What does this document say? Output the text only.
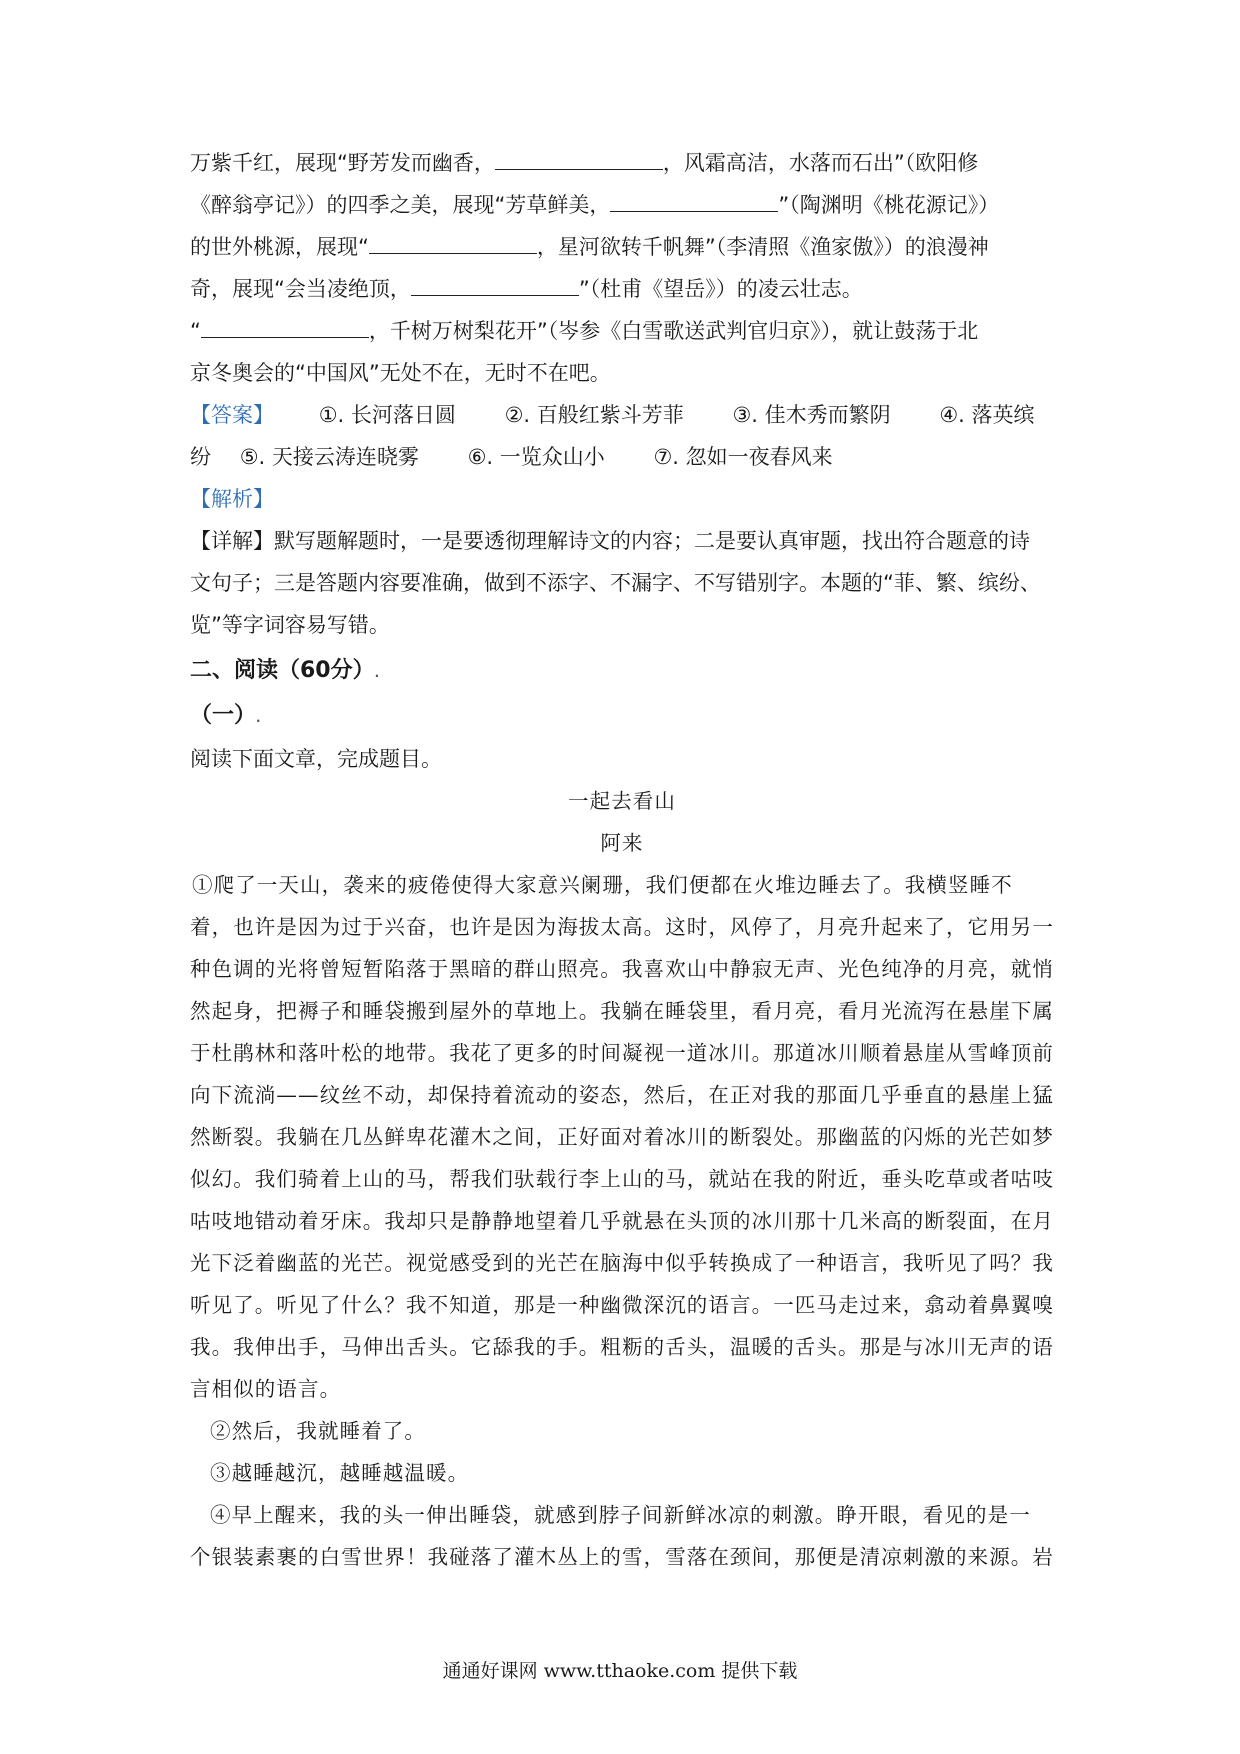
万紫千红，展现“野芳发而幽香，	，风霜高洁，水落而石出”（欧阳修
《醉翁亭记》）的四季之美，展现“芳草鲜美，	”（陶渊明《桃花源记》）
的世外桃源，展现“	，星河欲转千帆舞”（李清照《渔家傲》）的浪漫神
奇，展现“会当凌绝顶，	”（杜甫《望岳》）的凌云壮志。
“	，千树万树梨花开”（岑参《白雪歌送武判官归京》），就让鼓荡于北
京冬奥会的“中国风”无处不在，无时不在吧。
【答案】 ①. 长河落日圆 ②. 百般红紫斗芳菲 ③. 佳木秀而繁阴 ④. 落英缤
纷 ⑤. 天接云涛连晓雾 ⑥. 一览众山小 ⑦. 忽如一夜春风来
【解析】
【详解】默写题解题时，一是要透彻理解诗文的内容；二是要认真审题，找出符合题意的诗
文句子；三是答题内容要准确，做到不添字、不漏字、不写错别字。本题的“菲、繁、缤纷、
览”等字词容易写错。
二、阅读（60分）.
（一）.
阅读下面文章，完成题目。
一起去看山
阿来
①爬了一天山，袭来的疲倦使得大家意兴阑珊，我们便都在火堆边睡去了。我横竖睡不
着，也许是因为过于兴奋，也许是因为海拔太高。这时，风停了，月亮升起来了，它用另一
种色调的光将曾短暂陷落于黑暗的群山照亮。我喜欢山中静寂无声、光色纯净的月亮，就悄
然起身，把褥子和睡袋搬到屋外的草地上。我躺在睡袋里，看月亮，看月光流泻在悬崖下属
于杜鹃林和落叶松的地带。我花了更多的时间凝视一道冰川。那道冰川顺着悬崖从雪峰顶前
向下流淌——纹丝不动，却保持着流动的姿态，然后，在正对我的那面几乎垂直的悬崖上猛
然断裂。我躺在几丛鲜卑花灌木之间，正好面对着冰川的断裂处。那幽蓝的闪烁的光芒如梦
似幻。我们骑着上山的马，帮我们驮载行李上山的马，就站在我的附近，垂头吃草或者咕吱
咕吱地错动着牙床。我却只是静静地望着几乎就悬在头顶的冰川那十几米高的断裂面，在月
光下泛着幽蓝的光芒。视觉感受到的光芒在脑海中似乎转换成了一种语言，我听见了吗？我
听见了。听见了什么？我不知道，那是一种幽微深沉的语言。一匹马走过来，翕动着鼻翼嗅
我。我伸出手，马伸出舌头。它舔我的手。粗粝的舌头，温暖的舌头。那是与冰川无声的语
言相似的语言。
②然后，我就睡着了。
③越睡越沉，越睡越温暖。
④早上醒来，我的头一伸出睡袋，就感到脖子间新鲜冰凉的刺激。睁开眼，看见的是一
个银装素裹的白雪世界！我碰落了灌木丛上的雪，雪落在颈间，那便是清凉刺激的来源。岩
通通好课网 www.tthaoke.com 提供下载
